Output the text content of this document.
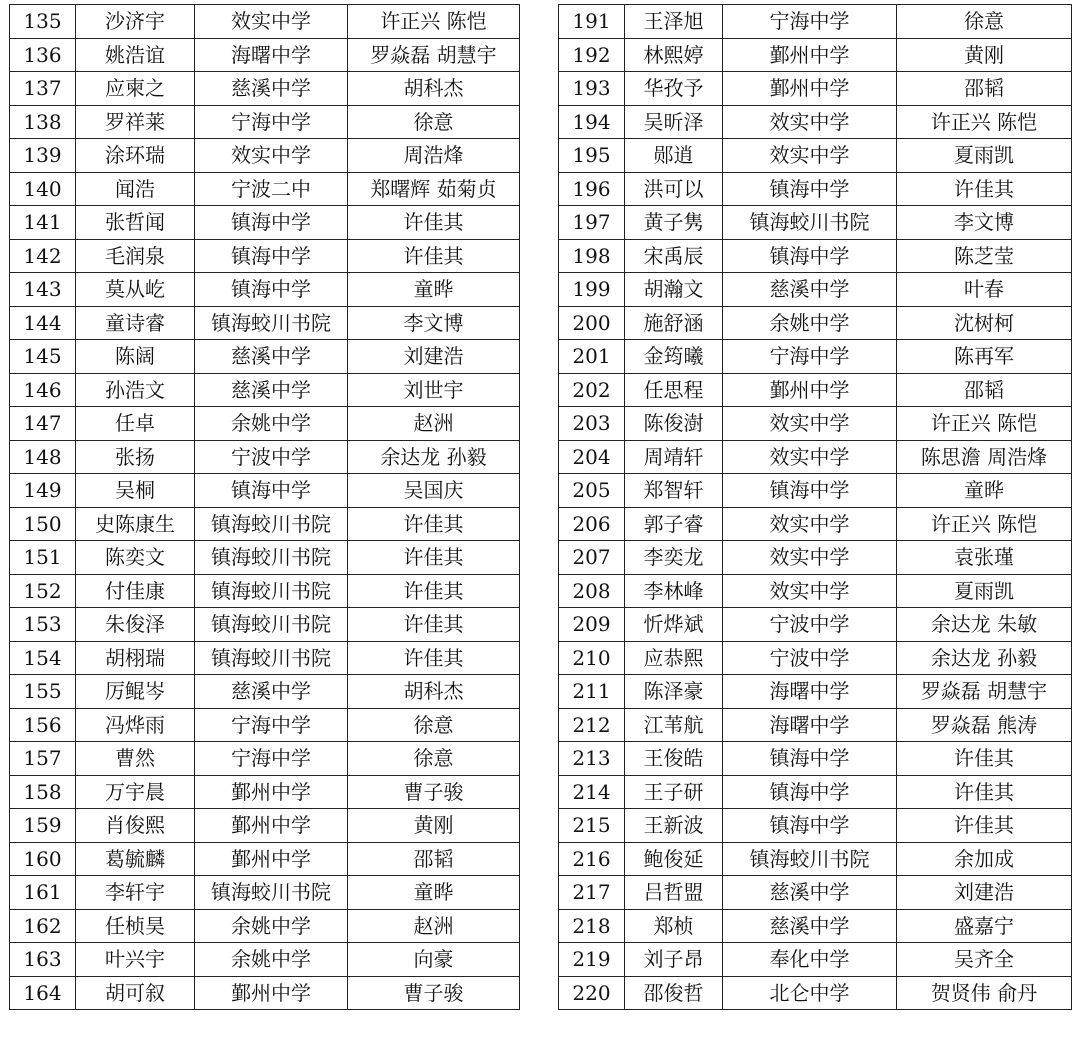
135	沙济宇	效实中学	许正兴 陈恺
136	姚浩谊	海曙中学	罗焱磊 胡慧宇
137	应柬之	慈溪中学	胡科杰
138	罗祥莱	宁海中学	徐意
139	涂环瑞	效实中学	周浩烽
140	闻浩	宁波二中	郑曙辉 茹菊贞
141	张哲闻	镇海中学	许佳其
142	毛润泉	镇海中学	许佳其
143	莫从屹	镇海中学	童晔
144	童诗睿	镇海蛟川书院	李文博
145	陈阔	慈溪中学	刘建浩
146	孙浩文	慈溪中学	刘世宇
147	任卓	余姚中学	赵洲
148	张扬	宁波中学	余达龙 孙毅
149	吴桐	镇海中学	吴国庆
150	史陈康生	镇海蛟川书院	许佳其
151	陈奕文	镇海蛟川书院	许佳其
152	付佳康	镇海蛟川书院	许佳其
153	朱俊泽	镇海蛟川书院	许佳其
154	胡栩瑞	镇海蛟川书院	许佳其
155	厉鲲岑	慈溪中学	胡科杰
156	冯烨雨	宁海中学	徐意
157	曹然	宁海中学	徐意
158	万宇晨	鄞州中学	曹子骏
159	肖俊熙	鄞州中学	黄刚
160	葛毓麟	鄞州中学	邵韬
161	李轩宇	镇海蛟川书院	童晔
162	任桢昊	余姚中学	赵洲
163	叶兴宇	余姚中学	向豪
164	胡可叙	鄞州中学	曹子骏
191	王泽旭	宁海中学	徐意
192	林熙婷	鄞州中学	黄刚
193	华孜予	鄞州中学	邵韬
194	吴昕泽	效实中学	许正兴 陈恺
195	郧逍	效实中学	夏雨凯
196	洪可以	镇海中学	许佳其
197	黄子隽	镇海蛟川书院	李文博
198	宋禹辰	镇海中学	陈芝莹
199	胡瀚文	慈溪中学	叶春
200	施舒涵	余姚中学	沈树柯
201	金筠曦	宁海中学	陈再军
202	任思程	鄞州中学	邵韬
203	陈俊澍	效实中学	许正兴 陈恺
204	周靖轩	效实中学	陈思澹 周浩烽
205	郑智轩	镇海中学	童晔
206	郭子睿	效实中学	许正兴 陈恺
207	李奕龙	效实中学	袁张瑾
208	李林峰	效实中学	夏雨凯
209	忻烨斌	宁波中学	余达龙 朱敏
210	应恭熙	宁波中学	余达龙 孙毅
211	陈泽豪	海曙中学	罗焱磊 胡慧宇
212	江苇航	海曙中学	罗焱磊 熊涛
213	王俊皓	镇海中学	许佳其
214	王子研	镇海中学	许佳其
215	王新波	镇海中学	许佳其
216	鲍俊延	镇海蛟川书院	余加成
217	吕哲盟	慈溪中学	刘建浩
218	郑桢	慈溪中学	盛嘉宁
219	刘子昂	奉化中学	吴齐全
220	邵俊哲	北仑中学	贺贤伟 俞丹
